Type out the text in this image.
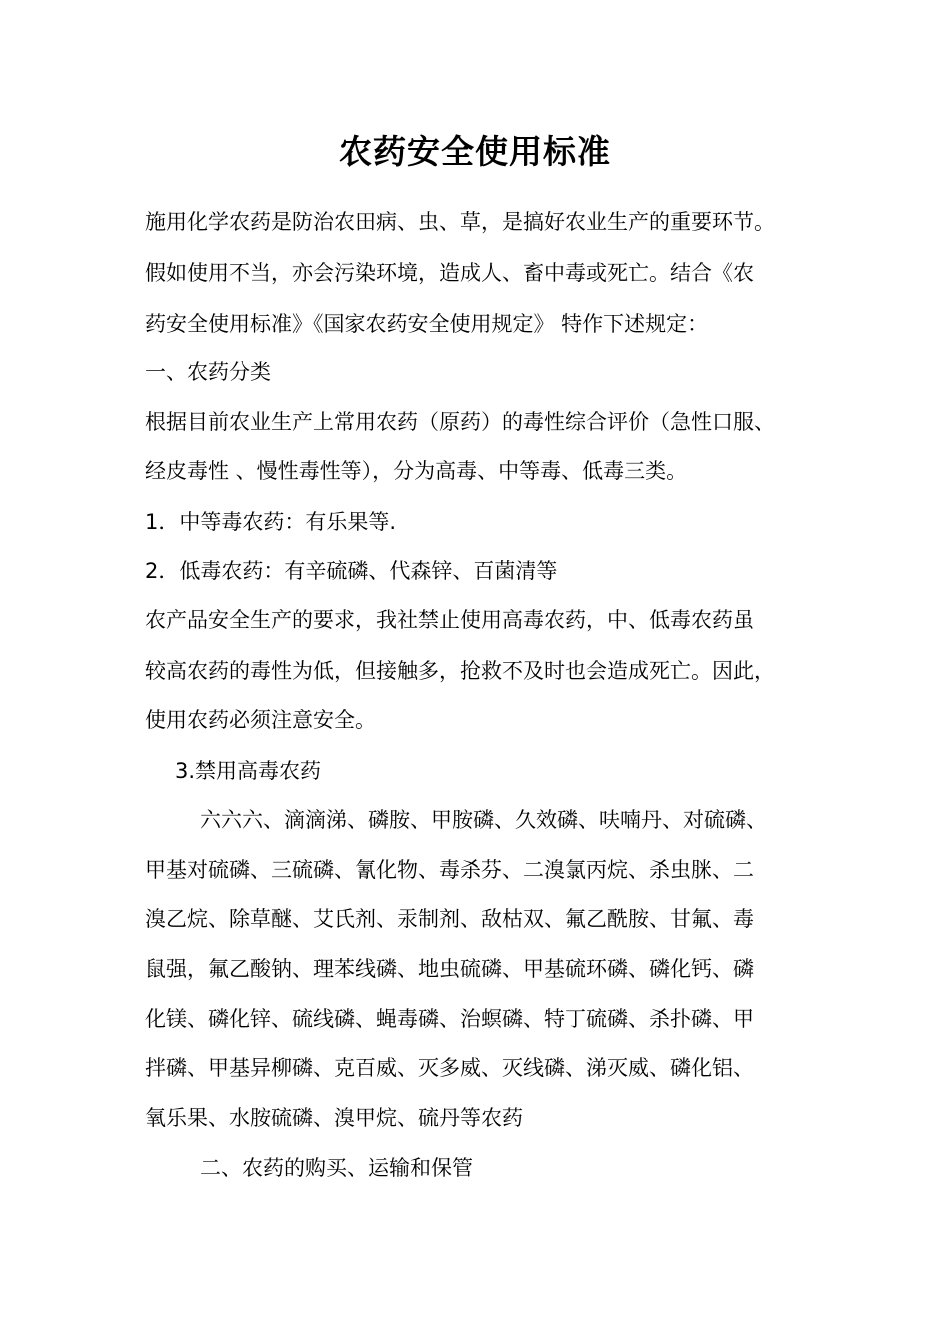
农药安全使用标准
施用化学农药是防治农田病、虫、草，是搞好农业生产的重要环节。
假如使用不当，亦会污染环境，造成人、畜中毒或死亡。结合《农
药安全使用标准》《国家农药安全使用规定》 特作下述规定：
一、农药分类
根据目前农业生产上常用农药（原药）的毒性综合评价（急性口服、
经皮毒性 、慢性毒性等），分为高毒、中等毒、低毒三类。
1．中等毒农药：有乐果等.
2．低毒农药：有辛硫磷、代森锌、百菌清等
农产品安全生产的要求，我社禁止使用高毒农药，中、低毒农药虽
较高农药的毒性为低，但接触多，抢救不及时也会造成死亡。因此，
使用农药必须注意安全。
3.禁用高毒农药
六六六、滴滴涕、磷胺、甲胺磷、久效磷、呋喃丹、对硫磷、
甲基对硫磷、三硫磷、氰化物、毒杀芬、二溴氯丙烷、杀虫脒、二
溴乙烷、除草醚、艾氏剂、汞制剂、敌枯双、氟乙酰胺、甘氟、毒
鼠强，氟乙酸钠、理苯线磷、地虫硫磷、甲基硫环磷、磷化钙、磷
化镁、磷化锌、硫线磷、蝇毒磷、治螟磷、特丁硫磷、杀扑磷、甲
拌磷、甲基异柳磷、克百威、灭多威、灭线磷、涕灭威、磷化铝、
氧乐果、水胺硫磷、溴甲烷、硫丹等农药
二、农药的购买、运输和保管
